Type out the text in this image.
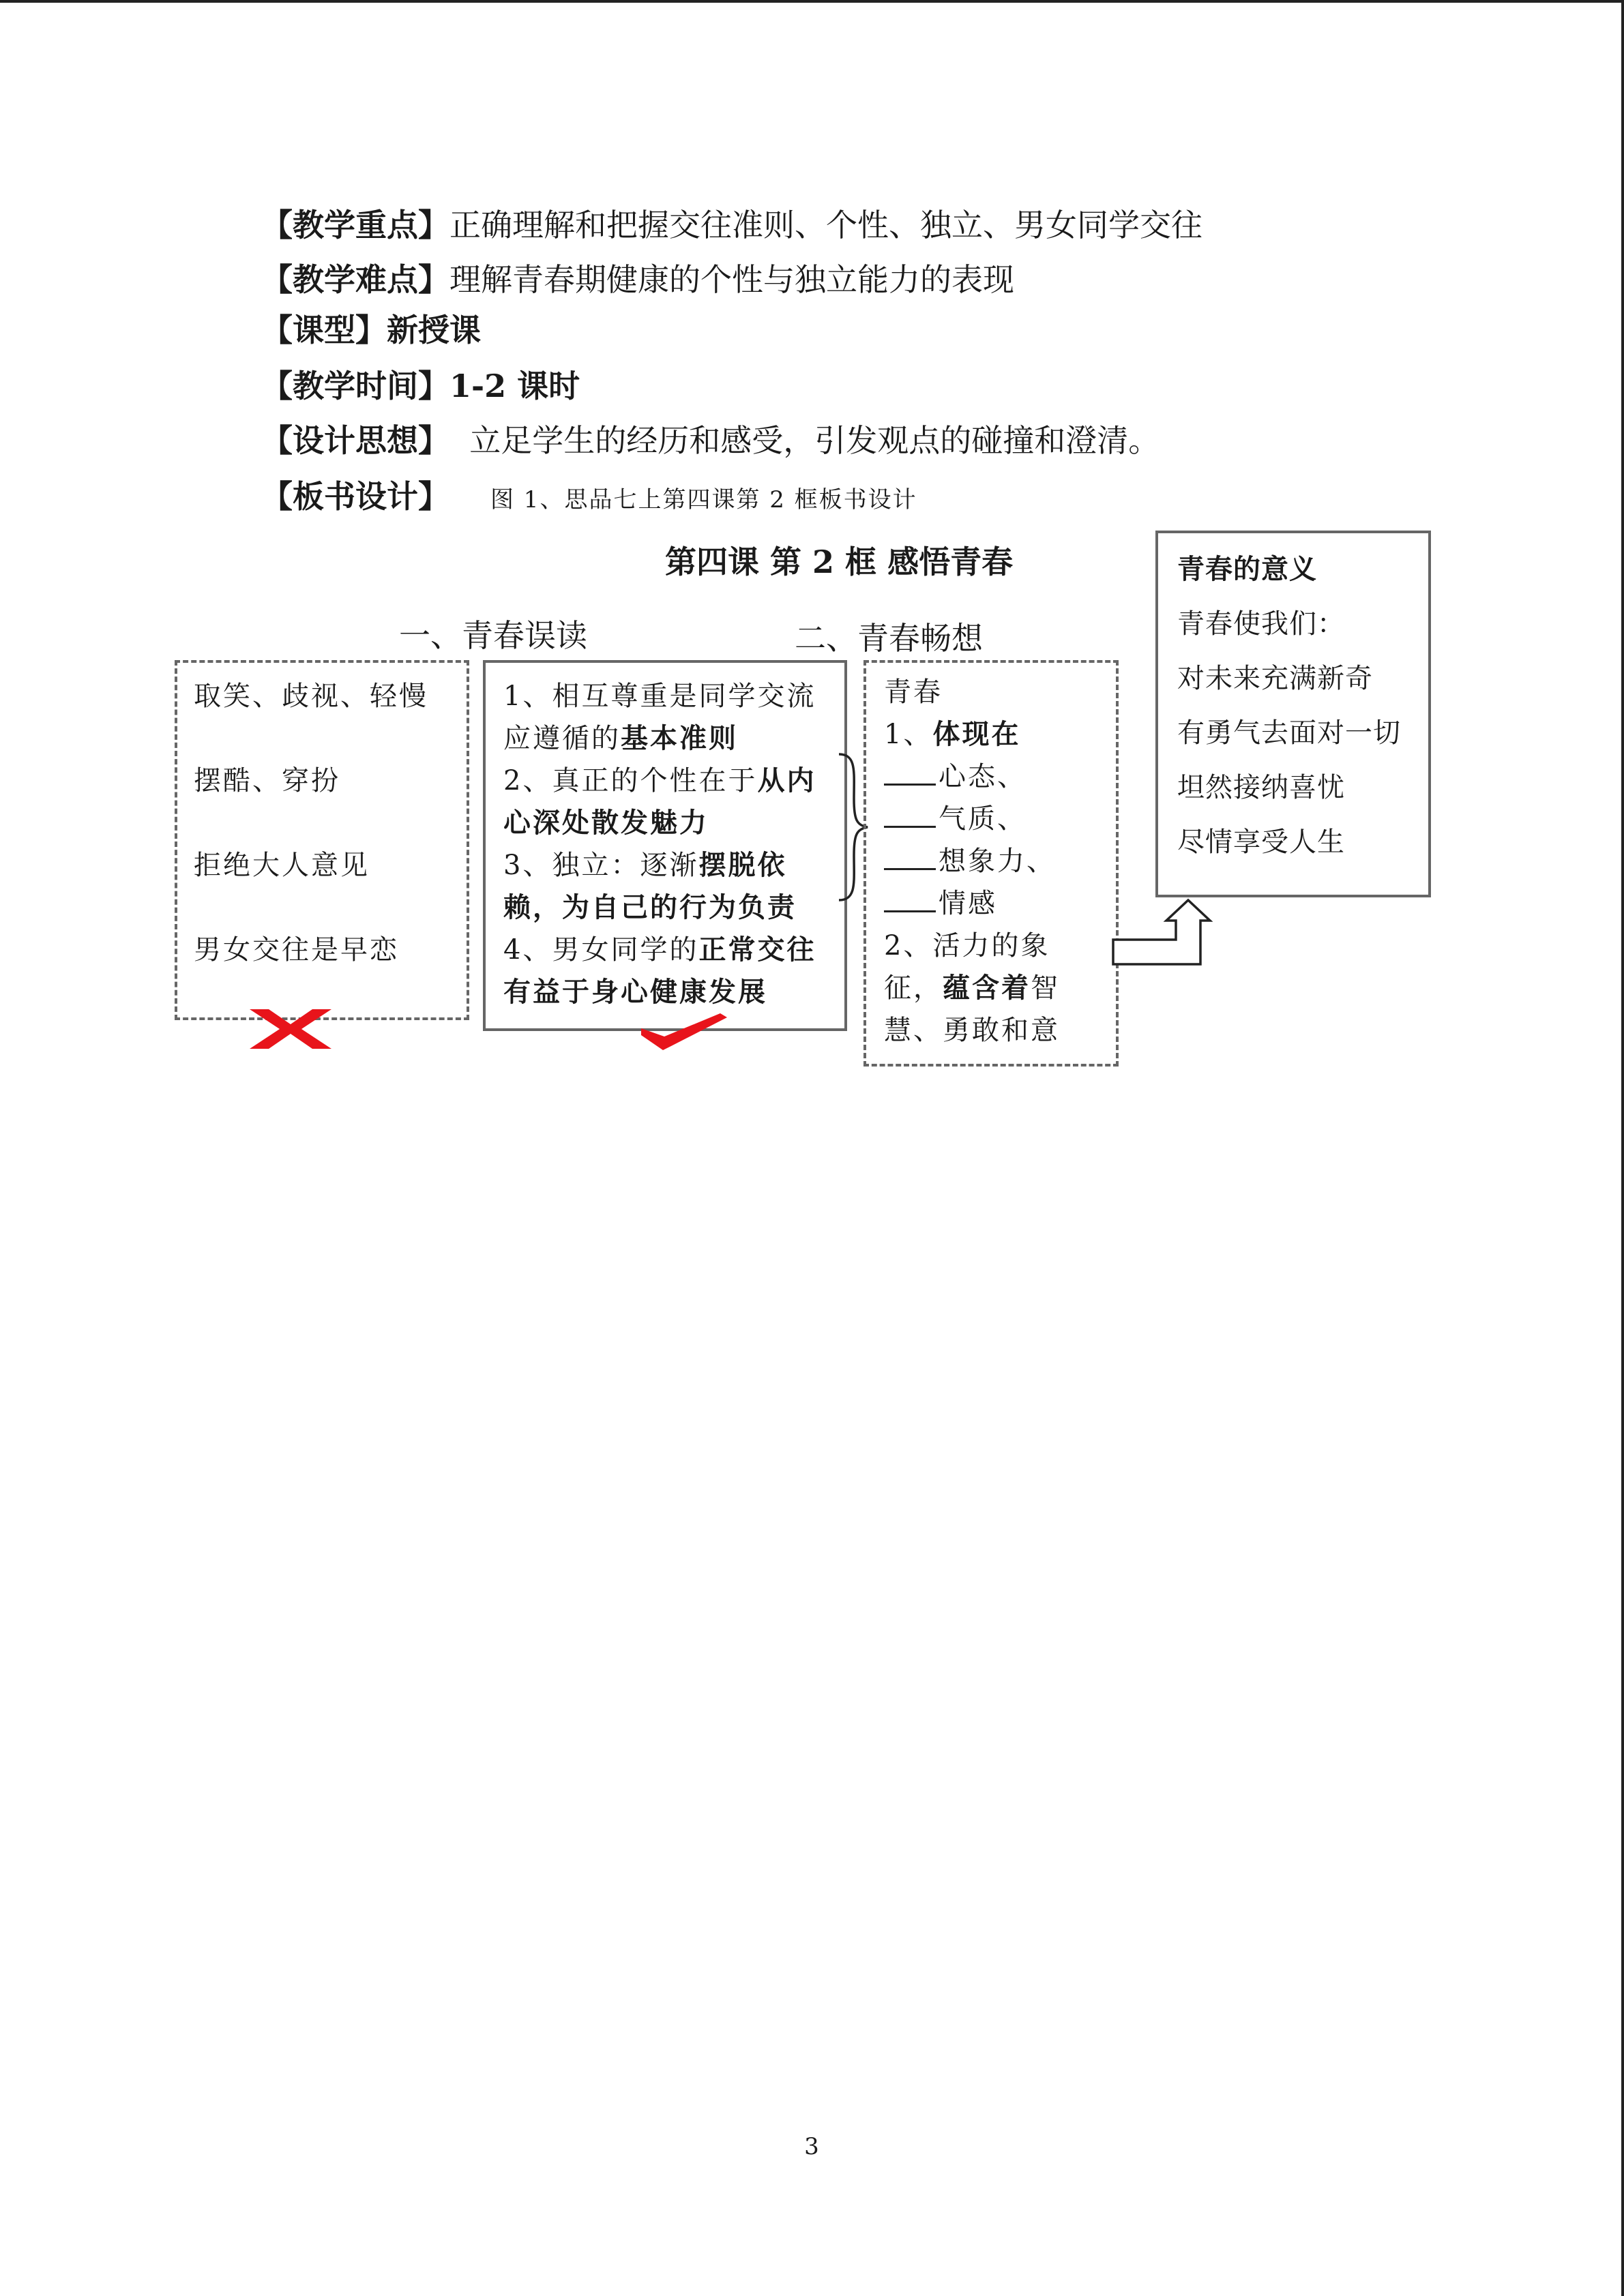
【教学重点】正确理解和把握交往准则、个性、独立、男女同学交往
【教学难点】理解青春期健康的个性与独立能力的表现
【课型】新授课
【教学时间】1-2 课时
【设计思想】 立足学生的经历和感受，引发观点的碰撞和澄清。
【板书设计】 图 1、思品七上第四课第 2 框板书设计
第四课 第 2 框 感悟青春
一、青春误读	二、青春畅想

取笑、歧视、轻慢

摆酷、穿扮

拒绝大人意见

男女交往是早恋

1、相互尊重是同学交流应遵循的基本准则

2、真正的个性在于从内心深处散发魅力

3、独立：逐渐摆脱依赖，为自己的行为负责

4、男女同学的正常交往有益于身心健康发展

青春

1、体现在

心态、

气质、

想象力、

情感

2、活力的象征，蕴含着智慧、勇敢和意

青春的意义

青春使我们：

对未来充满新奇

有勇气去面对一切

坦然接纳喜忧

尽情享受人生

3
